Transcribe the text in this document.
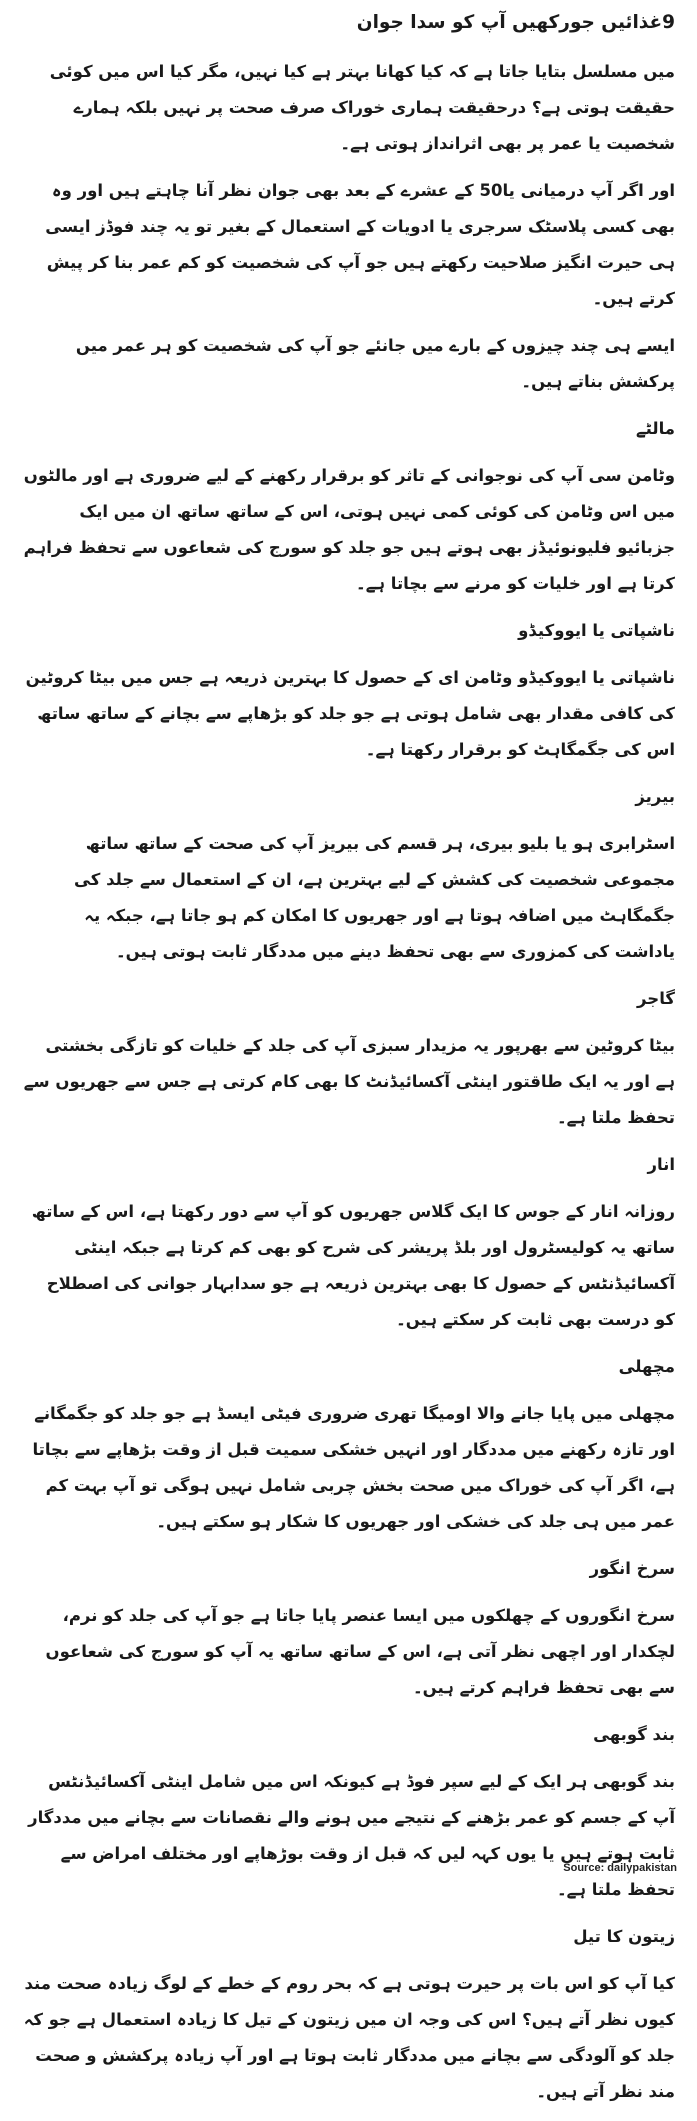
9غذائیں جورکھیں آپ کو سدا جوان

میں مسلسل بتایا جاتا ہے کہ کیا کھانا بہتر ہے کیا نہیں، مگر کیا اس میں کوئی حقیقت ہوتی ہے؟ درحقیقت ہماری خوراک صرف صحت پر نہیں بلکہ ہمارے شخصیت یا عمر پر بھی اثرانداز ہوتی ہے۔

اور اگر آپ درمیانی یا50 کے عشرے کے بعد بھی جوان نظر آنا چاہتے ہیں اور وہ بھی کسی پلاسٹک سرجری یا ادویات کے استعمال کے بغیر تو یہ چند فوڈز ایسی ہی حیرت انگیز صلاحیت رکھتے ہیں جو آپ کی شخصیت کو کم عمر بنا کر پیش کرتے ہیں۔

ایسے ہی چند چیزوں کے بارے میں جانئے جو آپ کی شخصیت کو ہر عمر میں پرکشش بناتے ہیں۔

مالٹے

وٹامن سی آپ کی نوجوانی کے تاثر کو برقرار رکھنے کے لیے ضروری ہے اور مالٹوں میں اس وٹامن کی کوئی کمی نہیں ہوتی، اس کے ساتھ ساتھ ان میں ایک جزبائیو فلیونوئیڈز بھی ہوتے ہیں جو جلد کو سورج کی شعاعوں سے تحفظ فراہم کرتا ہے اور خلیات کو مرنے سے بچاتا ہے۔

ناشپاتی یا ایووکیڈو

ناشپاتی یا ایووکیڈو وٹامن ای کے حصول کا بہترین ذریعہ ہے جس میں بیٹا کروٹین کی کافی مقدار بھی شامل ہوتی ہے جو جلد کو بڑھاپے سے بچانے کے ساتھ ساتھ اس کی جگمگاہٹ کو برقرار رکھتا ہے۔

بیریز

اسٹرابری ہو یا بلیو بیری، ہر قسم کی بیریز آپ کی صحت کے ساتھ ساتھ مجموعی شخصیت کی کشش کے لیے بہترین ہے، ان کے استعمال سے جلد کی جگمگاہٹ میں اضافہ ہوتا ہے اور جھریوں کا امکان کم ہو جاتا ہے، جبکہ یہ یاداشت کی کمزوری سے بھی تحفظ دینے میں مددگار ثابت ہوتی ہیں۔

گاجر

بیٹا کروٹین سے بھرپور یہ مزیدار سبزی آپ کی جلد کے خلیات کو تازگی بخشتی ہے اور یہ ایک طاقتور اینٹی آکسائیڈنٹ کا بھی کام کرتی ہے جس سے جھریوں سے تحفظ ملتا ہے۔

انار

روزانہ انار کے جوس کا ایک گلاس جھریوں کو آپ سے دور رکھتا ہے، اس کے ساتھ ساتھ یہ کولیسٹرول اور بلڈ پریشر کی شرح کو بھی کم کرتا ہے جبکہ اینٹی آکسائیڈنٹس کے حصول کا بھی بہترین ذریعہ ہے جو سدابہار جوانی کی اصطلاح کو درست بھی ثابت کر سکتے ہیں۔

مچھلی

مچھلی میں پایا جانے والا اومیگا تھری ضروری فیٹی ایسڈ ہے جو جلد کو جگمگانے اور تازہ رکھنے میں مددگار اور انہیں خشکی سمیت قبل از وقت بڑھاپے سے بچاتا ہے، اگر آپ کی خوراک میں صحت بخش چربی شامل نہیں ہوگی تو آپ بہت کم عمر میں ہی جلد کی خشکی اور جھریوں کا شکار ہو سکتے ہیں۔

سرخ انگور

سرخ انگوروں کے چھلکوں میں ایسا عنصر پایا جاتا ہے جو آپ کی جلد کو نرم، لچکدار اور اچھی نظر آتی ہے، اس کے ساتھ ساتھ یہ آپ کو سورج کی شعاعوں سے بھی تحفظ فراہم کرتے ہیں۔

بند گوبھی

بند گوبھی ہر ایک کے لیے سپر فوڈ ہے کیونکہ اس میں شامل اینٹی آکسائیڈنٹس آپ کے جسم کو عمر بڑھنے کے نتیجے میں ہونے والے نقصانات سے بچانے میں مددگار ثابت ہوتے ہیں یا یوں کہہ لیں کہ قبل از وقت بوڑھاپے اور مختلف امراض سے تحفظ ملتا ہے۔

زیتون کا تیل

کیا آپ کو اس بات پر حیرت ہوتی ہے کہ بحر روم کے خطے کے لوگ زیادہ صحت مند کیوں نظر آتے ہیں؟ اس کی وجہ ان میں زیتون کے تیل کا زیادہ استعمال ہے جو کہ جلد کو آلودگی سے بچانے میں مددگار ثابت ہوتا ہے اور آپ زیادہ پرکشش و صحت مند نظر آتے ہیں۔

Source: dailypakistan
